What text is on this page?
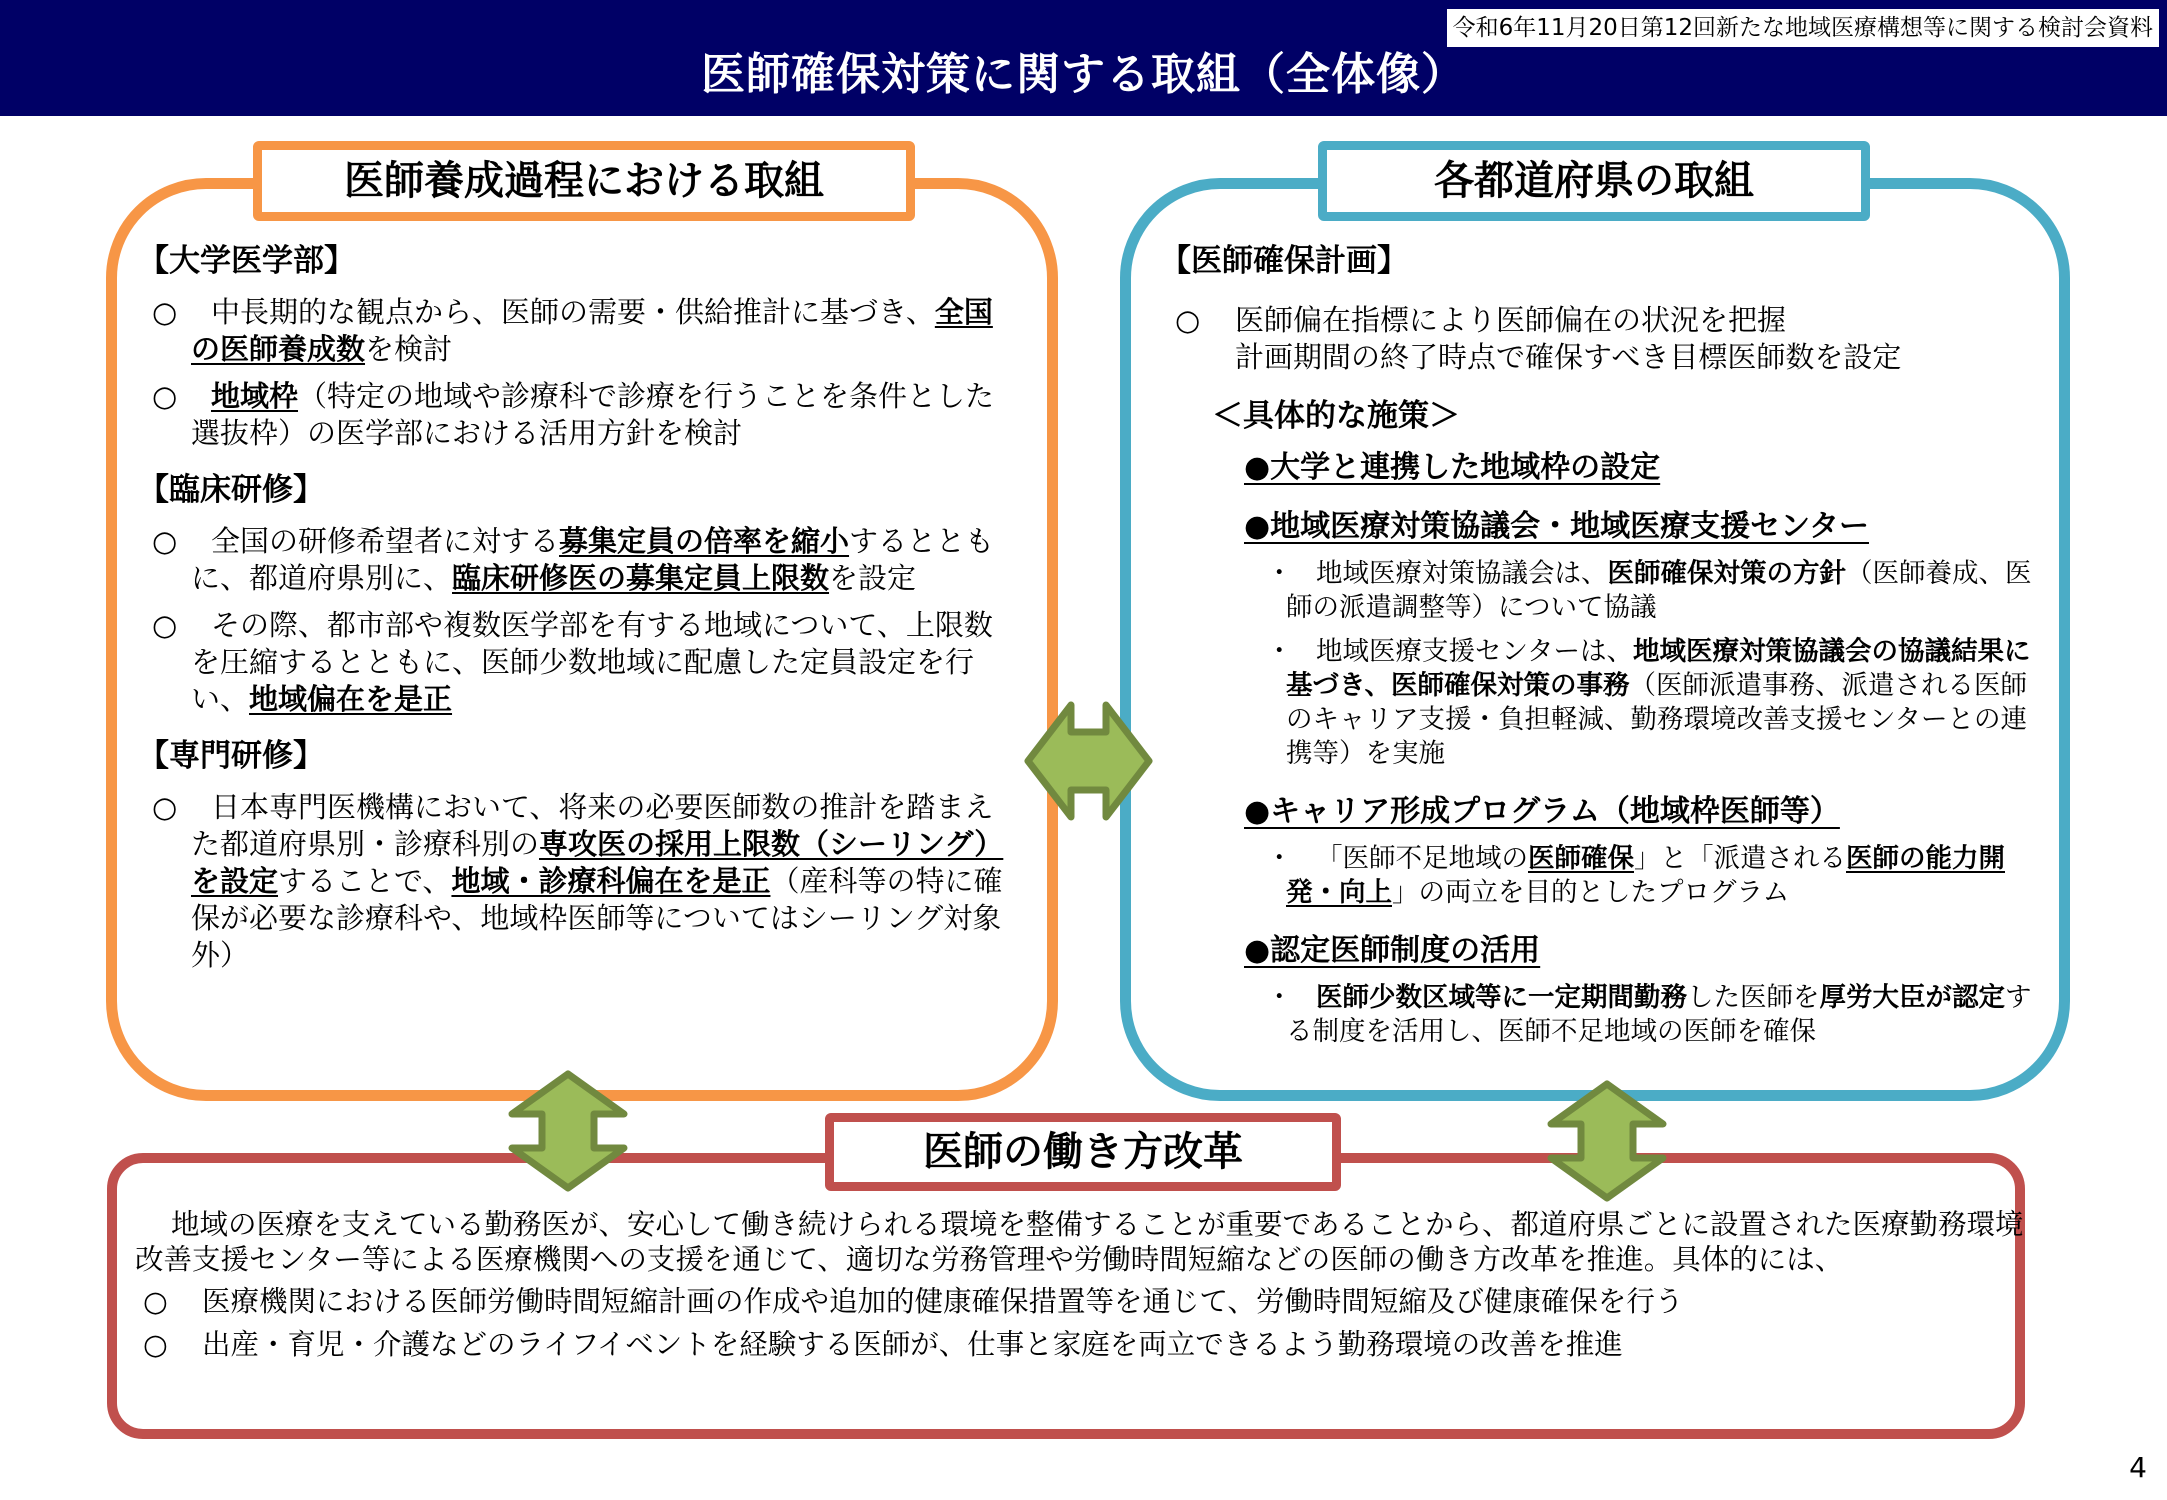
医師確保対策に関する取組（全体像）
令和6年11月20日第12回新たな地域医療構想等に関する検討会資料
医師養成過程における取組

【大学医学部】

○ 中長期的な観点から、医師の需要・供給推計に基づき、全国の医師養成数を検討
○ 地域枠（特定の地域や診療科で診療を行うことを条件とした選抜枠）の医学部における活用方針を検討

【臨床研修】

○ 全国の研修希望者に対する募集定員の倍率を縮小するとともに、都道府県別に、臨床研修医の募集定員上限数を設定
○ その際、都市部や複数医学部を有する地域について、上限数を圧縮するとともに、医師少数地域に配慮した定員設定を行い、地域偏在を是正

【専門研修】

○ 日本専門医機構において、将来の必要医師数の推計を踏まえた都道府県別・診療科別の専攻医の採用上限数（シーリング）を設定することで、地域・診療科偏在を是正（産科等の特に確保が必要な診療科や、地域枠医師等についてはシーリング対象外）
各都道府県の取組

【医師確保計画】

○ 医師偏在指標により医師偏在の状況を把握
計画期間の終了時点で確保すべき目標医師数を設定

＜具体的な施策＞

●大学と連携した地域枠の設定

●地域医療対策協議会・地域医療支援センター

・ 地域医療対策協議会は、医師確保対策の方針（医師養成、医師の派遣調整等）について協議
・ 地域医療支援センターは、地域医療対策協議会の協議結果に基づき、医師確保対策の事務（医師派遣事務、派遣される医師のキャリア支援・負担軽減、勤務環境改善支援センターとの連携等）を実施

●キャリア形成プログラム（地域枠医師等）

・ 「医師不足地域の医師確保」と「派遣される医師の能力開発・向上」の両立を目的としたプログラム

●認定医師制度の活用

・ 医師少数区域等に一定期間勤務した医師を厚労大臣が認定する制度を活用し、医師不足地域の医師を確保
医師の働き方改革

地域の医療を支えている勤務医が、安心して働き続けられる環境を整備することが重要であることから、都道府県ごとに設置された医療勤務環境改善支援センター等による医療機関への支援を通じて、適切な労務管理や労働時間短縮などの医師の働き方改革を推進。具体的には、

○ 医療機関における医師労働時間短縮計画の作成や追加的健康確保措置等を通じて、労働時間短縮及び健康確保を行う
○ 出産・育児・介護などのライフイベントを経験する医師が、仕事と家庭を両立できるよう勤務環境の改善を推進
4
